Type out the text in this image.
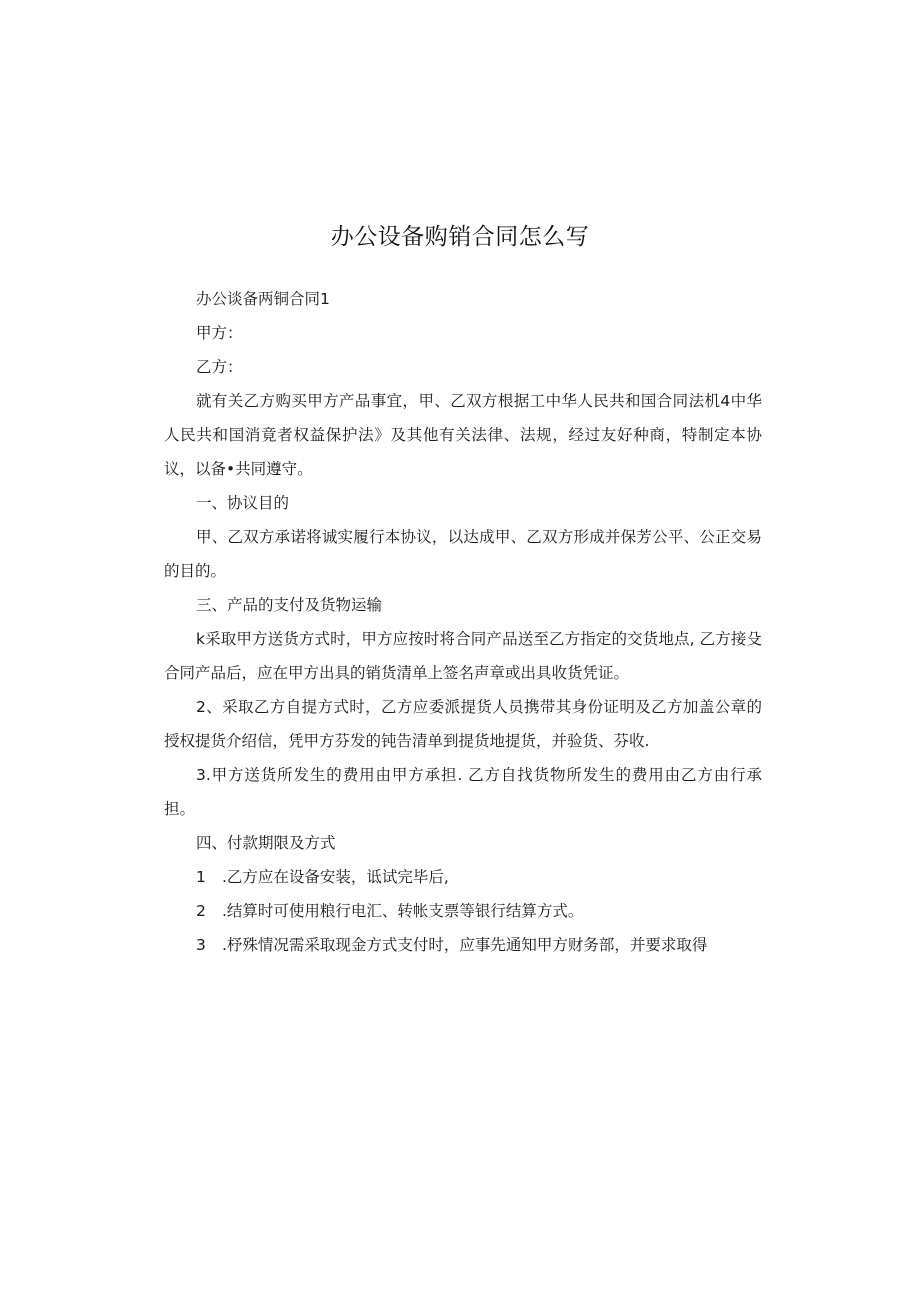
办公设备购销合同怎么写

办公谈备两铜合同1

甲方：

乙方：

就有关乙方购买甲方产品事宜，甲、乙双方根据工中华人民共和国合同法机4中华人民共和国消竟者权益保护法》及其他有关法律、法规，经过友好种商，特制定本协议，以备•共同遵守。

一、协议目的

甲、乙双方承诺将诚实履行本协议，以达成甲、乙双方形成并保芳公平、公正交易的目的。

三、产品的支付及货物运输

k采取甲方送货方式时，甲方应按时将合同产品送至乙方指定的交货地点, 乙方接殳合同产品后，应在甲方出具的销货清单上签名声章或出具收货凭证。

2、采取乙方自提方式时，乙方应委派提货人员携带其身份证明及乙方加盖公章的授权提货介绍信，凭甲方芬发的钝告清单到提货地提货，并验货、芬收.

3.甲方送货所发生的费用由甲方承担. 乙方自找货物所发生的费用由乙方由行承担。

四、付款期限及方式

1 .乙方应在设备安装，诋试完毕后,

2 .结算时可使用粮行电汇、转帐支票等银行结算方式。

3 .杼殊情况需采取现金方式支付时，应事先通知甲方财务部，并要求取得
